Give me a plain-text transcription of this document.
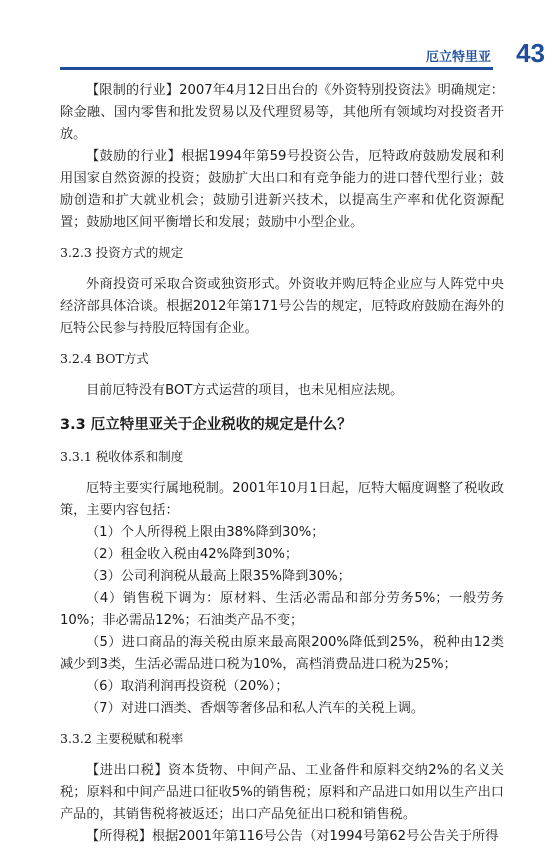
厄立特里亚 43

【限制的行业】2007年4月12日出台的《外资特别投资法》明确规定：除金融、国内零售和批发贸易以及代理贸易等，其他所有领域均对投资者开放。

【鼓励的行业】根据1994年第59号投资公告，厄特政府鼓励发展和利用国家自然资源的投资；鼓励扩大出口和有竞争能力的进口替代型行业；鼓励创造和扩大就业机会；鼓励引进新兴技术，以提高生产率和优化资源配置；鼓励地区间平衡增长和发展；鼓励中小型企业。

3.2.3 投资方式的规定

外商投资可采取合资或独资形式。外资收并购厄特企业应与人阵党中央经济部具体洽谈。根据2012年第171号公告的规定，厄特政府鼓励在海外的厄特公民参与持股厄特国有企业。

3.2.4 BOT方式

目前厄特没有BOT方式运营的项目，也未见相应法规。

3.3 厄立特里亚关于企业税收的规定是什么？
3.3.1 税收体系和制度

厄特主要实行属地税制。2001年10月1日起，厄特大幅度调整了税收政策，主要内容包括：

（1）个人所得税上限由38%降到30%；

（2）租金收入税由42%降到30%；

（3）公司利润税从最高上限35%降到30%；

（4）销售税下调为：原材料、生活必需品和部分劳务5%；一般劳务10%；非必需品12%；石油类产品不变；

（5）进口商品的海关税由原来最高限200%降低到25%，税种由12类减少到3类，生活必需品进口税为10%，高档消费品进口税为25%；

（6）取消利润再投资税（20%）；

（7）对进口酒类、香烟等奢侈品和私人汽车的关税上调。

3.3.2 主要税赋和税率

【进出口税】资本货物、中间产品、工业备件和原料交纳2%的名义关税；原料和中间产品进口征收5%的销售税；原料和产品进口如用以生产出口产品的，其销售税将被返还；出口产品免征出口税和销售税。

【所得税】根据2001年第116号公告（对1994号第62号公告关于所得
